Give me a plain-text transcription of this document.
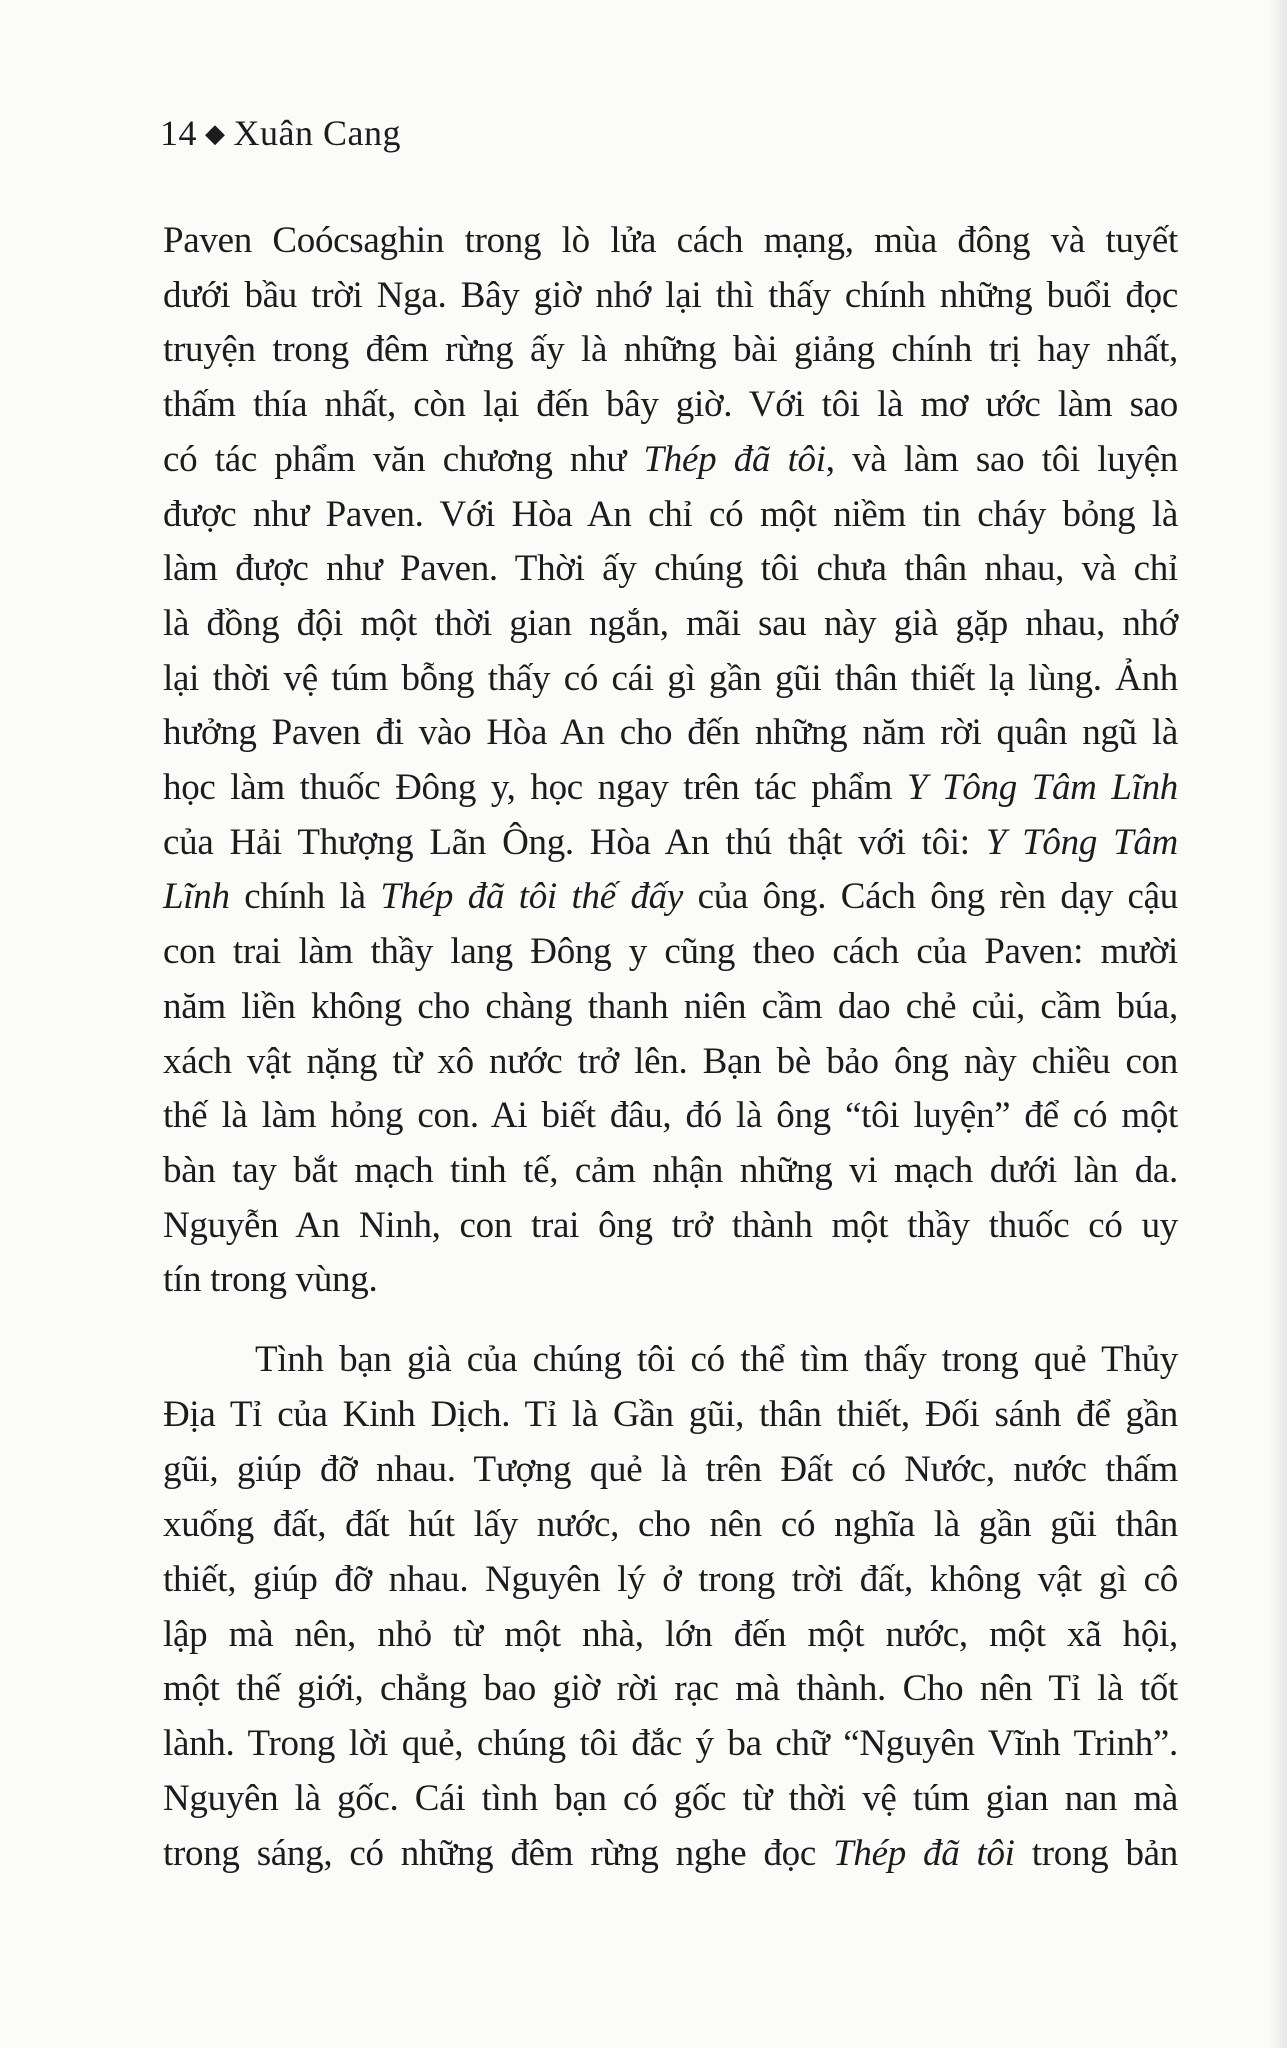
14 ◆ Xuân Cang
Paven Coócsaghin trong lò lửa cách mạng, mùa đông và tuyết
dưới bầu trời Nga. Bây giờ nhớ lại thì thấy chính những buổi đọc
truyện trong đêm rừng ấy là những bài giảng chính trị hay nhất,
thấm thía nhất, còn lại đến bây giờ. Với tôi là mơ ước làm sao
có tác phẩm văn chương như Thép đã tôi, và làm sao tôi luyện
được như Paven. Với Hòa An chỉ có một niềm tin cháy bỏng là
làm được như Paven. Thời ấy chúng tôi chưa thân nhau, và chỉ
là đồng đội một thời gian ngắn, mãi sau này già gặp nhau, nhớ
lại thời vệ túm bỗng thấy có cái gì gần gũi thân thiết lạ lùng. Ảnh
hưởng Paven đi vào Hòa An cho đến những năm rời quân ngũ là
học làm thuốc Đông y, học ngay trên tác phẩm Y Tông Tâm Lĩnh
của Hải Thượng Lãn Ông. Hòa An thú thật với tôi: Y Tông Tâm
Lĩnh chính là Thép đã tôi thế đấy của ông. Cách ông rèn dạy cậu
con trai làm thầy lang Đông y cũng theo cách của Paven: mười
năm liền không cho chàng thanh niên cầm dao chẻ củi, cầm búa,
xách vật nặng từ xô nước trở lên. Bạn bè bảo ông này chiều con
thế là làm hỏng con. Ai biết đâu, đó là ông “tôi luyện” để có một
bàn tay bắt mạch tinh tế, cảm nhận những vi mạch dưới làn da.
Nguyễn An Ninh, con trai ông trở thành một thầy thuốc có uy
tín trong vùng.
Tình bạn già của chúng tôi có thể tìm thấy trong quẻ Thủy
Địa Tỉ của Kinh Dịch. Tỉ là Gần gũi, thân thiết, Đối sánh để gần
gũi, giúp đỡ nhau. Tượng quẻ là trên Đất có Nước, nước thấm
xuống đất, đất hút lấy nước, cho nên có nghĩa là gần gũi thân
thiết, giúp đỡ nhau. Nguyên lý ở trong trời đất, không vật gì cô
lập mà nên, nhỏ từ một nhà, lớn đến một nước, một xã hội,
một thế giới, chẳng bao giờ rời rạc mà thành. Cho nên Tỉ là tốt
lành. Trong lời quẻ, chúng tôi đắc ý ba chữ “Nguyên Vĩnh Trinh”.
Nguyên là gốc. Cái tình bạn có gốc từ thời vệ túm gian nan mà
trong sáng, có những đêm rừng nghe đọc Thép đã tôi trong bản
